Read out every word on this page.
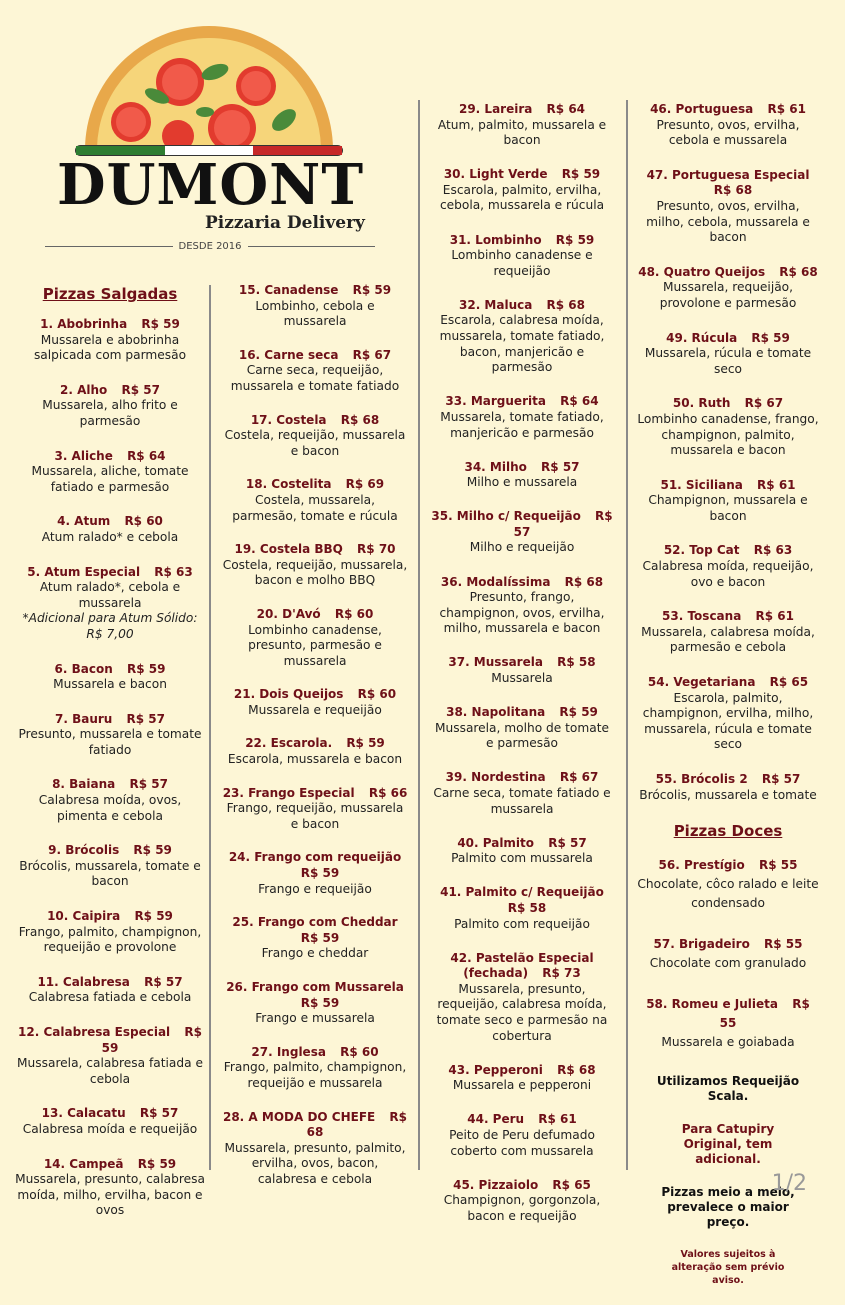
DUMONT
Pizzaria Delivery
DESDE 2016
Pizzas Salgadas
1. Abobrinha R$ 59
Mussarela e abobrinha salpicada com parmesão
2. Alho R$ 57
Mussarela, alho frito e parmesão
3. Aliche R$ 64
Mussarela, aliche, tomate fatiado e parmesão
4. Atum R$ 60
Atum ralado* e cebola
5. Atum Especial R$ 63
Atum ralado*, cebola e mussarela
*Adicional para Atum Sólido: R$ 7,00
6. Bacon R$ 59
Mussarela e bacon
7. Bauru R$ 57
Presunto, mussarela e tomate fatiado
8. Baiana R$ 57
Calabresa moída, ovos, pimenta e cebola
9. Brócolis R$ 59
Brócolis, mussarela, tomate e bacon
10. Caipira R$ 59
Frango, palmito, champignon, requeijão e provolone
11. Calabresa R$ 57
Calabresa fatiada e cebola
12. Calabresa Especial R$ 59
Mussarela, calabresa fatiada e cebola
13. Calacatu R$ 57
Calabresa moída e requeijão
14. Campeã R$ 59
Mussarela, presunto, calabresa moída, milho, ervilha, bacon e ovos
15. Canadense R$ 59
Lombinho, cebola e mussarela
16. Carne seca R$ 67
Carne seca, requeijão, mussarela e tomate fatiado
17. Costela R$ 68
Costela, requeijão, mussarela e bacon
18. Costelita R$ 69
Costela, mussarela, parmesão, tomate e rúcula
19. Costela BBQ R$ 70
Costela, requeijão, mussarela, bacon e molho BBQ
20. D'Avó R$ 60
Lombinho canadense, presunto, parmesão e mussarela
21. Dois Queijos R$ 60
Mussarela e requeijão
22. Escarola. R$ 59
Escarola, mussarela e bacon
23. Frango Especial R$ 66
Frango, requeijão, mussarela e bacon
24. Frango com requeijão R$ 59
Frango e requeijão
25. Frango com Cheddar R$ 59
Frango e cheddar
26. Frango com Mussarela R$ 59
Frango e mussarela
27. Inglesa R$ 60
Frango, palmito, champignon, requeijão e mussarela
28. A MODA DO CHEFE R$ 68
Mussarela, presunto, palmito, ervilha, ovos, bacon, calabresa e cebola
29. Lareira R$ 64
Atum, palmito, mussarela e bacon
30. Light Verde R$ 59
Escarola, palmito, ervilha, cebola, mussarela e rúcula
31. Lombinho R$ 59
Lombinho canadense e requeijão
32. Maluca R$ 68
Escarola, calabresa moída, mussarela, tomate fatiado, bacon, manjericão e parmesão
33. Marguerita R$ 64
Mussarela, tomate fatiado, manjericão e parmesão
34. Milho R$ 57
Milho e mussarela
35. Milho c/ Requeijão R$ 57
Milho e requeijão
36. Modalíssima R$ 68
Presunto, frango, champignon, ovos, ervilha, milho, mussarela e bacon
37. Mussarela R$ 58
Mussarela
38. Napolitana R$ 59
Mussarela, molho de tomate e parmesão
39. Nordestina R$ 67
Carne seca, tomate fatiado e mussarela
40. Palmito R$ 57
Palmito com mussarela
41. Palmito c/ Requeijão R$ 58
Palmito com requeijão
42. Pastelão Especial (fechada) R$ 73
Mussarela, presunto, requeijão, calabresa moída, tomate seco e parmesão na cobertura
43. Pepperoni R$ 68
Mussarela e pepperoni
44. Peru R$ 61
Peito de Peru defumado coberto com mussarela
45. Pizzaiolo R$ 65
Champignon, gorgonzola, bacon e requeijão
46. Portuguesa R$ 61
Presunto, ovos, ervilha, cebola e mussarela
47. Portuguesa Especial R$ 68
Presunto, ovos, ervilha, milho, cebola, mussarela e bacon
48. Quatro Queijos R$ 68
Mussarela, requeijão, provolone e parmesão
49. Rúcula R$ 59
Mussarela, rúcula e tomate seco
50. Ruth R$ 67
Lombinho canadense, frango, champignon, palmito, mussarela e bacon
51. Siciliana R$ 61
Champignon, mussarela e bacon
52. Top Cat R$ 63
Calabresa moída, requeijão, ovo e bacon
53. Toscana R$ 61
Mussarela, calabresa moída, parmesão e cebola
54. Vegetariana R$ 65
Escarola, palmito, champignon, ervilha, milho, mussarela, rúcula e tomate seco
55. Brócolis 2 R$ 57
Brócolis, mussarela e tomate
Pizzas Doces
56. Prestígio R$ 55
Chocolate, côco ralado e leite condensado
57. Brigadeiro R$ 55
Chocolate com granulado
58. Romeu e Julieta R$ 55
Mussarela e goiabada
Utilizamos Requeijão Scala.
Para Catupiry Original, tem adicional.
Pizzas meio a meio, prevalece o maior preço.
Valores sujeitos à alteração sem prévio aviso.
1/2
